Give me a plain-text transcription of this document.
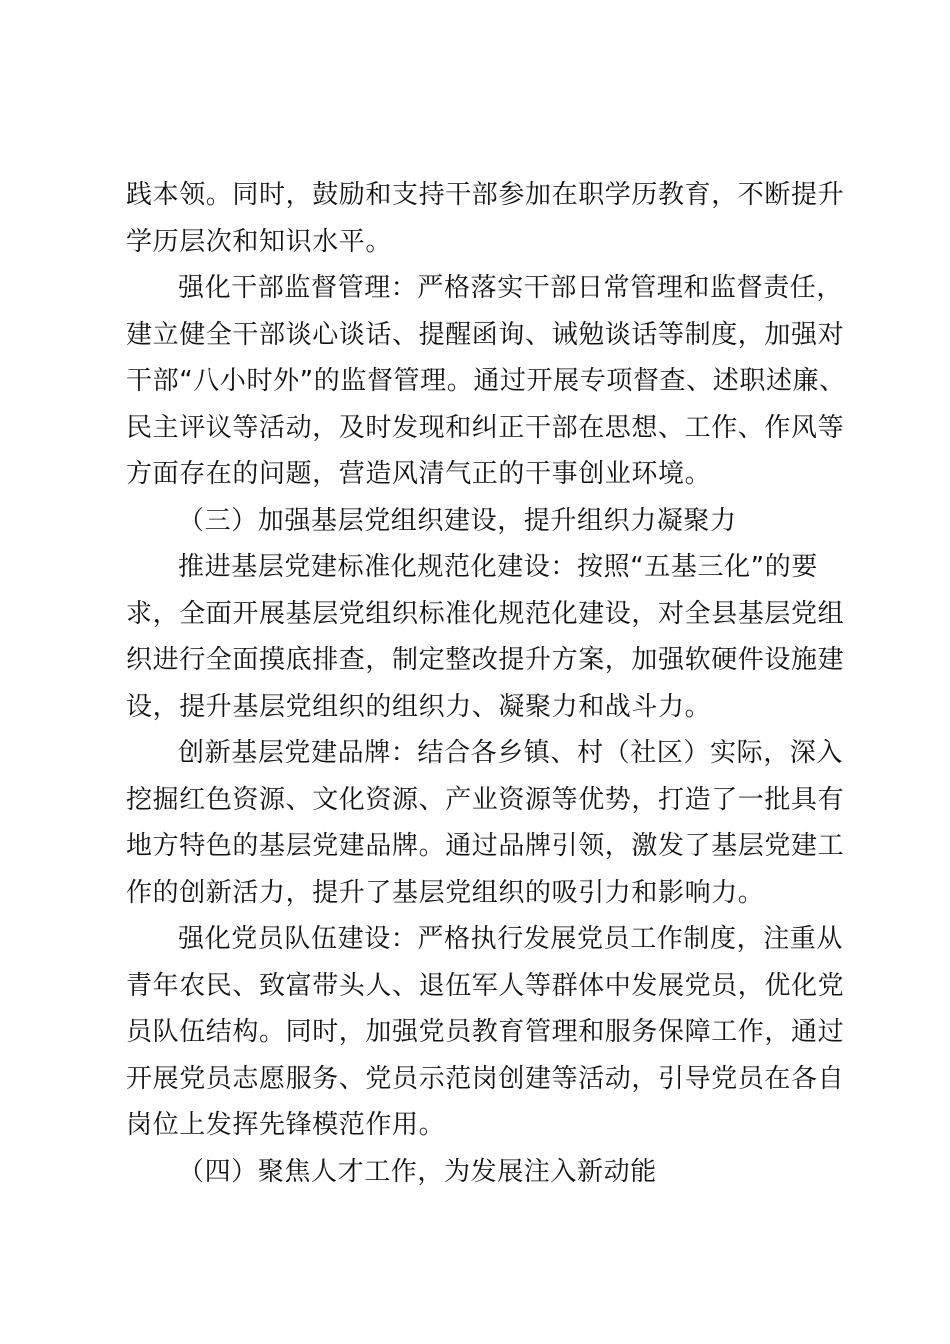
践本领。同时，鼓励和支持干部参加在职学历教育，不断提升
学历层次和知识水平。

强化干部监督管理：严格落实干部日常管理和监督责任，
建立健全干部谈心谈话、提醒函询、诫勉谈话等制度，加强对
干部“八小时外”的监督管理。通过开展专项督查、述职述廉、
民主评议等活动，及时发现和纠正干部在思想、工作、作风等
方面存在的问题，营造风清气正的干事创业环境。

（三）加强基层党组织建设，提升组织力凝聚力

推进基层党建标准化规范化建设：按照“五基三化”的要
求，全面开展基层党组织标准化规范化建设，对全县基层党组
织进行全面摸底排查，制定整改提升方案，加强软硬件设施建
设，提升基层党组织的组织力、凝聚力和战斗力。

创新基层党建品牌：结合各乡镇、村（社区）实际，深入
挖掘红色资源、文化资源、产业资源等优势，打造了一批具有
地方特色的基层党建品牌。通过品牌引领，激发了基层党建工
作的创新活力，提升了基层党组织的吸引力和影响力。

强化党员队伍建设：严格执行发展党员工作制度，注重从
青年农民、致富带头人、退伍军人等群体中发展党员，优化党
员队伍结构。同时，加强党员教育管理和服务保障工作，通过
开展党员志愿服务、党员示范岗创建等活动，引导党员在各自
岗位上发挥先锋模范作用。

（四）聚焦人才工作，为发展注入新动能
